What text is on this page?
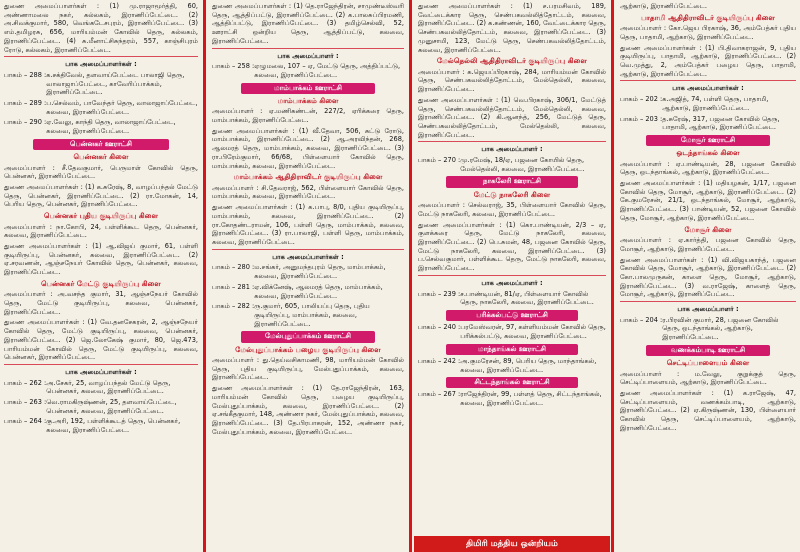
துணை அமைப்பாளர்கள் : (1) மு.ராஜாமூர்த்தி, 60, அண்ணாமலை நகர், கல்லகம், இராணிப்பேட்டை. (2) அ.சிவக்குமார், 580, வெங்கடேசபுரம், இராணிப்பேட்டை. (3) எம்.தமிழரசு, 656, மாரியம்மன் கோவில் தெரு, கல்லகம், இராணிப்பேட்டை. (4) சு.மீனாட்சிசுந்தரம், 557, காஞ்சிபுரம் ரோடு, கல்லகம், இராணிப்பேட்டை.

பாக அமைப்பாளர்கள் :
பாகம் – 288 : க.சக்திவேல், தளவாய்பேட்டை பாலாஜி தெரு, வாலாஜாப்பேட்டை, காவேரிப்பாக்கம், இராணிப்பேட்டை.
பாகம் – 289 : ப.செல்வம், பாவேந்தர் தெரு, வாலாஜாப்பேட்டை, கலவை, இராணிப்பேட்டை.
பாகம் – 290 : ஏ.வேலு, காந்தி தெரு, வாலாஜாப்பேட்டை, கலவை, இராணிப்பேட்டை.
பென்னகர் ஊராட்சி
பென்னகர் கிளை

அமைப்பாளர் : சீ.தேவகுமார், பெருமாள் கோவில் தெரு, பென்னகர், இராணிப்பேட்டை.

துணை அமைப்பாளர்கள் : (1) க.சுரேஷ், 8, வாழப்பந்தல் மேட்டு தெரு, பென்னகர், இராணிப்பேட்டை. (2) ரா.மோகன், 14, பெரிய தெரு, பென்னகர், இராணிப்பேட்டை.

பென்னகர் புதிய குடியிருப்பு கிளை

அமைப்பாளர் : நா.கோபி, 24, பள்ளிக்கூட தெரு, பென்னகர், கலவை, இராணிப்பேட்டை.

துணை அமைப்பாளர்கள் : (1) ஆ.விஜய் குமார், 61, பள்ளி குடியிருப்பு, பென்னகர், கலவை, இராணிப்பேட்டை. (2) ஏ.சரவணன், ஆஞ்சநேயர் கோவில் தெரு, பென்னகர், கலவை, இராணிப்பேட்டை.

பென்னகர் மேட்டு குடியிருப்பு கிளை

அமைப்பாளர் : அ.வசந்த குமார், 31, ஆஞ்சநேயர் கோவில் தெரு, மேட்டு குடியிருப்பு, கலவை, பென்னகர், இராணிப்பேட்டை.

துணை அமைப்பாளர்கள் : (1) வே.தனசேகரன், 2, ஆஞ்சநேயர் கோவில் தெரு, மேட்டு குடியிருப்பு, கலவை, பென்னகர், இராணிப்பேட்டை. (2) ஜெ.லோகேஷ் குமார், 80, ஜெ.473, பாரியம்மன் கோவில் தெரு, மேட்டு குடியிருப்பு, கலவை, பென்னகர், இராணிப்பேட்டை.

பாக அமைப்பாளர்கள் :
பாகம் – 262 : அ.சேகர், 25, வாழப்பந்தல் மேட்டு தெரு, பென்னகர், கலவை, இராணிப்பேட்டை.
பாகம் – 263 : வெ.ராமகிருஷ்ணன், 25, தளவாய்பேட்டை, பென்னகர், கலவை, இராணிப்பேட்டை.
பாகம் – 264 : கு.அரி, 192, பள்ளிக்கூடத் தெரு, பென்னகர், கலவை, இராணிப்பேட்டை.

துணை அமைப்பாளர்கள் : (1) தெ.ராஜேந்திரன், சாமுண்டீஸ்வரி தெரு, ஆத்திப்பட்டு, இராணிப்பேட்டை. (2) க.பாலசுப்பிரமணி, ஆத்திப்பட்டு, இராணிப்பேட்டை. (3) தமிழ்செல்வி, 52, ஊராட்சி ஒன்றிய தெரு, ஆத்திப்பட்டு, கலவை, இராணிப்பேட்டை.

பாக அமைப்பாளர் :
பாகம் – 258 : ஏழுமலை, 107 – ஏ, மேட்டு தெரு, அத்திப்பட்டு, கலவை, இராணிப்பேட்டை.
மாம்பாக்கம் ஊராட்சி
மாம்பாக்கம் கிளை

அமைப்பாளர் : ஏ.மணிகண்டன், 227/2, ஏரிக்கரை தெரு, மாம்பாக்கம், இராணிப்பேட்டை.

துணை அமைப்பாளர்கள் : (1) வீ.தேவா, 506, சுட்டு ரோடு, மாம்பாக்கம், இராணிப்பேட்டை. (2) ஆ.அரவிந்தன், 268, ஆலமரத் தெரு, மாம்பாக்கம், கலவை, இராணிப்பேட்டை. (3) ரா.பிரேம்குமார், 66/68, பிள்ளையார் கோவில் தெரு, மாம்பாக்கம், கலவை, இராணிப்பேட்டை.

மாம்பாக்கம் ஆதிதிராவிடர் குடியிருப்பு கிளை

அமைப்பாளர் : சி.தேவராஜ், 562, பிள்ளையார் கோவில் தெரு, மாம்பாக்கம், கலவை, இராணிப்பேட்டை.

துணை அமைப்பாளர்கள் : (1) க.பாபு, 8/0, புதிய குடியிருப்பு, மாம்பாக்கம், கலவை, இராணிப்பேட்டை. (2) ரா.கோதண்டராமன், 106, பள்ளி தெரு, மாம்பாக்கம், கலவை, இராணிப்பேட்டை. (3) ரா.பாலாஜி, பள்ளி தெரு, மாம்பாக்கம், கலவை, இராணிப்பேட்டை.

பாக அமைப்பாளர்கள் :
பாகம் – 280 : ம.சங்கர், அனுமந்தபுரம் தெரு, மாம்பாக்கம், கலவை, இராணிப்பேட்டை.
பாகம் – 281 : ஏ.விக்னேஷ், ஆலமரத் தெரு, மாம்பாக்கம், கலவை, இராணிப்பேட்டை.
பாகம் – 282 : ரு.குமார், 605, பாலியப்பு தெரு, புதிய குடியிருப்பு, மாம்பாக்கம், கலவை, இராணிப்பேட்டை.
மேல்புதுப்பாக்கம் ஊராட்சி
மேல்புதுப்பாக்கம் பழைய குடியிருப்பு கிளை

அமைப்பாளர் : து.தெய்வசிகாமணி, 98, மாரியம்மன் கோவில் தெரு, புதிய குடியிருப்பு, மேல்புதுப்பாக்கம், கலவை, இராணிப்பேட்டை.

துணை அமைப்பாளர்கள் : (1) தே.ராஜேந்திரன், 163, மாரியம்மன் கோவில் தெரு, பழைய குடியிருப்பு, மேல்புதுப்பாக்கம், கலவை, இராணிப்பேட்டை. (2) ஏ.சங்கீதகுமார், 148, அண்ணா நகர், மேல்புதுப்பாக்கம், கலவை, இராணிப்பேட்டை. (3) தே.பிரபாகரன், 152, அண்ணா நகர், மேல்புதுப்பாக்கம், கலவை, இராணிப்பேட்டை.

துணை அமைப்பாளர்கள் : (1) ச.பரமசிவம், 189, வேட்டைக்கார தெரு, செண்பகவல்லித்தோட்டம், கலவை, இராணிப்பேட்டை. (2) க.கண்ணன், 160, வேட்டைக்கார தெரு, செண்பகவல்லித்தோட்டம், கலவை, இராணிப்பேட்டை. (3) முனுசாமி, 123, மேட்டு தெரு, செண்பகவல்லித்தோட்டம், கலவை, இராணிப்பேட்டை.

மேல்தெல்லி ஆதிதிராவிடர் குடியிருப்பு கிளை

அமைப்பாளர் : க.ஜெயப்பிரகாஷ், 284, மாரியம்மன் கோவில் தெரு, செண்பகவல்லித்தோட்டம், மேல்தெல்லி, கலவை, இராணிப்பேட்டை.

துணை அமைப்பாளர்கள் : (1) வெ.பிரகாஷ், 306/1, மேட்டுத் தெரு, செண்பகவல்லித்தோட்டம், மேல்தெல்லி, கலவை, இராணிப்பேட்டை. (2) கி.ஆனந்த், 256, மேட்டுத் தெரு, செண்பகவல்லித்தோட்டம், மேல்தெல்லி, கலவை, இராணிப்பேட்டை.

பாக அமைப்பாளர் :
பாகம் – 270 : மு.ரமேஷ், 18/ஏ, பஜனை கோயில் தெரு, மேல்தெல்லி, கலவை, இராணிப்பேட்டை.
நாகலேரி ஊராட்சி
மேட்டு நாகலேரி கிளை

அமைப்பாளர் : செல்வராஜ், 35, பிள்ளையார் கோவில் தெரு, மேட்டு நாகலேரி, கலவை, இராணிப்பேட்டை.

துணை அமைப்பாளர்கள் : (1) கொ.பாண்டியன், 2/3 – ஏ, குளக்கரை தெரு, மேட்டு நாகலேரி, கலவை, இராணிப்பேட்டை. (2) பெ.சுமன், 48, பஜனை கோவில் தெரு, மேட்டு நாகலேரி, கலவை, இராணிப்பேட்டை. (3) ப.செல்வகுமார், பள்ளிக்கூட தெரு, மேட்டு நாகலேரி, கலவை, இராணிப்பேட்டை.

பாக அமைப்பாளர் :
பாகம் – 239 : ச.பாண்டியன், 81/ஏ, பிள்ளையார் கோவில் தெரு, நாகலேரி, கலவை, இராணிப்பேட்டை.
பரிக்கல்பட்டு ஊராட்சி
பாகம் – 240 : பரமேஸ்வரன், 97, கள்ளியம்மன் கோவில் தெரு, பரிக்கல்பட்டு, கலவை, இராணிப்பேட்டை.
மாந்தாங்கல் ஊராட்சி
பாகம் – 242 : அ.குமரேசன், 89, பெரிய தெரு, மாந்தாங்கல், கலவை, இராணிப்பேட்டை.
சிட்டந்தாங்கல் ஊராட்சி
பாகம் – 267 : ராஜேந்திரன், 99, பள்ளத் தெரு, சிட்டந்தாங்கல், கலவை, இராணிப்பேட்டை.

ஆற்காடு, இராணிப்பேட்டை.

பாதாமி ஆதிதிராவிடர் குடியிருப்பு கிளை

அமைப்பாளர் : கோ.ஜெய பிரகாஷ், 36, அம்பேத்கர் புதிய தெரு, பாதாமி, ஆற்காடு, இராணிப்பேட்டை.

துணை அமைப்பாளர்கள் : (1) பி.திவாகராஜன், 9, புதிய குடியிருப்பு, பாதாமி, ஆற்காடு, இராணிப்பேட்டை. (2) வெ.முத்து, 2, அம்பேத்கர் பழைய தெரு, பாதாமி, ஆற்காடு, இராணிப்பேட்டை.

பாக அமைப்பாளர்கள் :
பாகம் – 202 : க.அஜித், 74, பள்ளி தெரு, பாதாமி, ஆற்காடு, இராணிப்பேட்டை.
பாகம் – 203 : த.சுரேஷ், 317, பஜனை கோவில் தெரு, பாதாமி, ஆற்காடு, இராணிப்பேட்டை.
மோசூர் ஊராட்சி
ஒடந்தாங்கல் கிளை

அமைப்பாளர் : ஏ.பாண்டியன், 28, பஜனை கோவில் தெரு, ஒடந்தாங்கல், ஆற்காடு, இராணிப்பேட்டை.

துணை அமைப்பாளர்கள் : (1) மதியழகன், 1/17, பஜனை கோவில் தெரு, மோசூர், ஆற்காடு, இராணிப்பேட்டை. (2) கே.குமரேசன், 21/1, ஒடந்தாங்கல், மோசூர், ஆற்காடு, இராணிப்பேட்டை. (3) பாண்டியன், 52, பஜனை கோவில் தெரு, மோசூர், ஆற்காடு, இராணிப்பேட்டை.

மோசூர் கிளை

அமைப்பாளர் : ஏ.கார்த்தி, பஜனை கோவில் தெரு, மோசூர், ஆற்காடு, இராணிப்பேட்டை.

துணை அமைப்பாளர்கள் : (1) வி.விஜயகாந்த், பஜனை கோவில் தெரு, மோசூர், ஆற்காடு, இராணிப்பேட்டை. (2) கோ.பாலமுருகன், காளை தெரு, மோசூர், ஆற்காடு, இராணிப்பேட்டை. (3) வ.ராஜேஷ், காளைத் தெரு, மோசூர், ஆற்காடு, இராணிப்பேட்டை.

பாக அமைப்பாளர் :
பாகம் – 204 : ர.பிரவின் குமார், 28, பஜனை கோவில் தெரு, ஒடந்தாங்கல், ஆற்காடு, இராணிப்பேட்டை.
வணக்கம்பாடி ஊராட்சி
செட்டிப்பாளையம் கிளை

அமைப்பாளர் : ம.வேலு, குறுக்குத் தெரு, செட்டிப்பாளையம், ஆற்காடு, இராணிப்பேட்டை.

துணை அமைப்பாளர்கள் : (1) க.ராஜேஷ், 47, செட்டிப்பாளையம், வணக்கம்பாடி, ஆற்காடு, இராணிப்பேட்டை. (2) ஏ.கிருஷ்ணன், 130, பிள்ளையார் கோவில் தெரு, செட்டிப்பாளையம், ஆற்காடு, இராணிப்பேட்டை.

திமிரி மத்திய ஒன்றியம்
